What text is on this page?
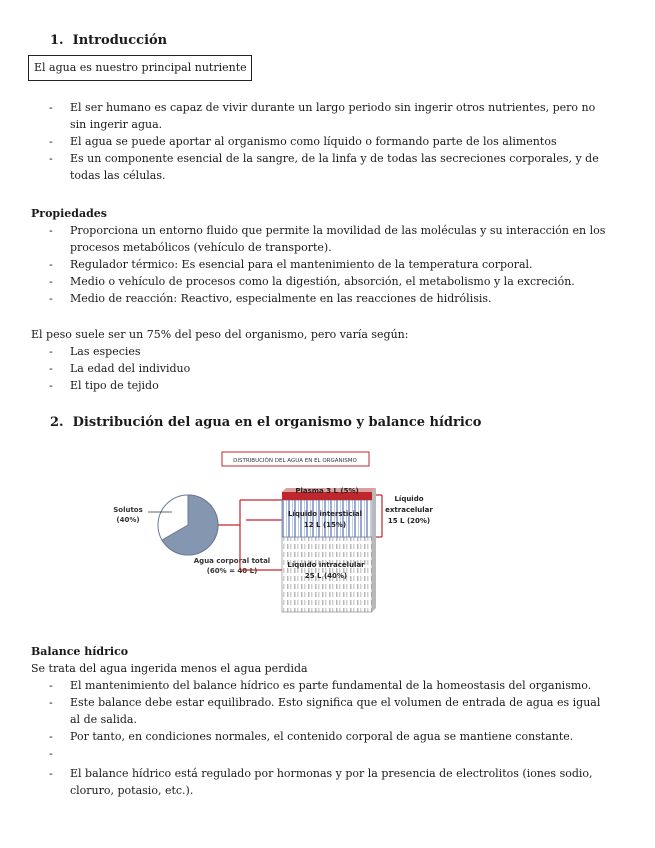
1. Introducción
El agua es nuestro principal nutriente
- El ser humano es capaz de vivir durante un largo periodo sin ingerir otros nutrientes, pero no sin ingerir agua.
- El agua se puede aportar al organismo como líquido o formando parte de los alimentos
- Es un componente esencial de la sangre, de la linfa y de todas las secreciones corporales, y de todas las células.
Propiedades
- Proporciona un entorno fluido que permite la movilidad de las moléculas y su interacción en los procesos metabólicos (vehículo de transporte).
- Regulador térmico: Es esencial para el mantenimiento de la temperatura corporal.
- Medio o vehículo de procesos como la digestión, absorción, el metabolismo y la excreción.
- Medio de reacción: Reactivo, especialmente en las reacciones de hidrólisis.
El peso suele ser un 75% del peso del organismo, pero varía según:
- Las especies
- La edad del individuo
- El tipo de tejido
2. Distribución del agua en el organismo y balance hídrico
DISTRIBUCIÓN DEL AGUA EN EL ORGANISMO
Solutos
(40%)
Agua corporal total
(60% = 40 L)
Plasma 3 L (5%)
Líquido intersticial
12 L (15%)
Líquido intracelular
25 L (40%)
Líquido
extracelular
15 L (20%)
Balance hídrico
Se trata del agua ingerida menos el agua perdida
- El mantenimiento del balance hídrico es parte fundamental de la homeostasis del organismo.
- Este balance debe estar equilibrado. Esto significa que el volumen de entrada de agua es igual al de salida.
- Por tanto, en condiciones normales, el contenido corporal de agua se mantiene constante.
-
- El balance hídrico está regulado por hormonas y por la presencia de electrolitos (iones sodio, cloruro, potasio, etc.).
